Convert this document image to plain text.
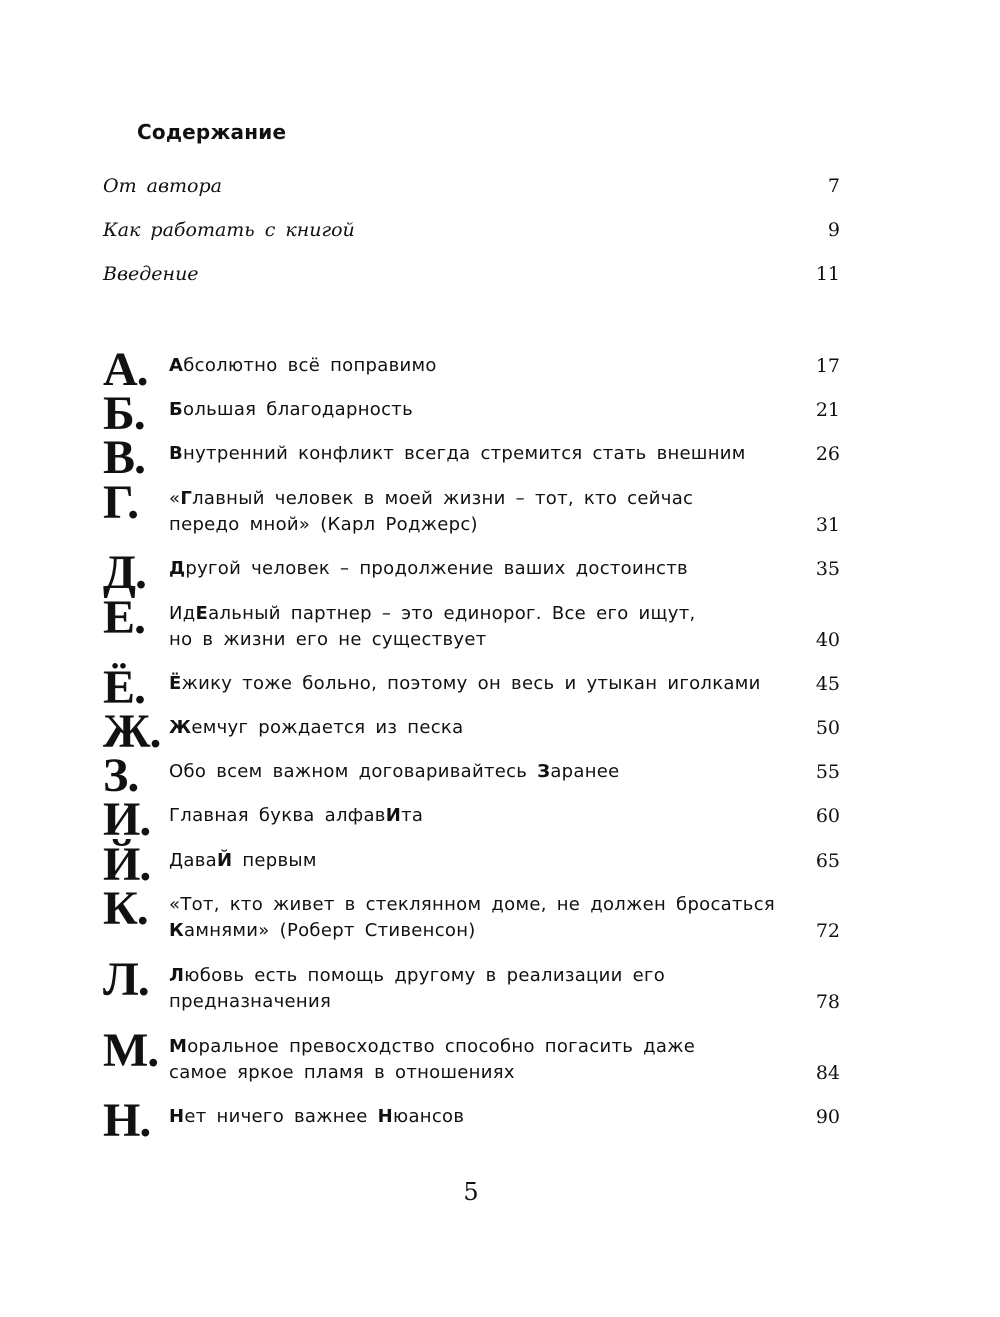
Содержание
От автора	7
Как работать с книгой	9
Введение	11
А. Абсолютно всё поправимо	17
Б. Большая благодарность	21
В. Внутренний конфликт всегда стремится стать внешним	26
Г. «Главный человек в моей жизни – тот, кто сейчас
передо мной» (Карл Роджерс)	31
Д. Другой человек – продолжение ваших достоинств	35
Е. ИдЕальный партнер – это единорог. Все его ищут,
но в жизни его не существует	40
Ё. Ёжику тоже больно, поэтому он весь и утыкан иголками	45
Ж. Жемчуг рождается из песка	50
З. Обо всем важном договаривайтесь Заранее	55
И. Главная буква алфавИта	60
Й. ДаваЙ первым	65
К. «Тот, кто живет в стеклянном доме, не должен бросаться
Камнями» (Роберт Стивенсон)	72
Л. Любовь есть помощь другому в реализации его
предназначения	78
М. Моральное превосходство способно погасить даже
самое яркое пламя в отношениях	84
Н. Нет ничего важнее Нюансов	90
5
